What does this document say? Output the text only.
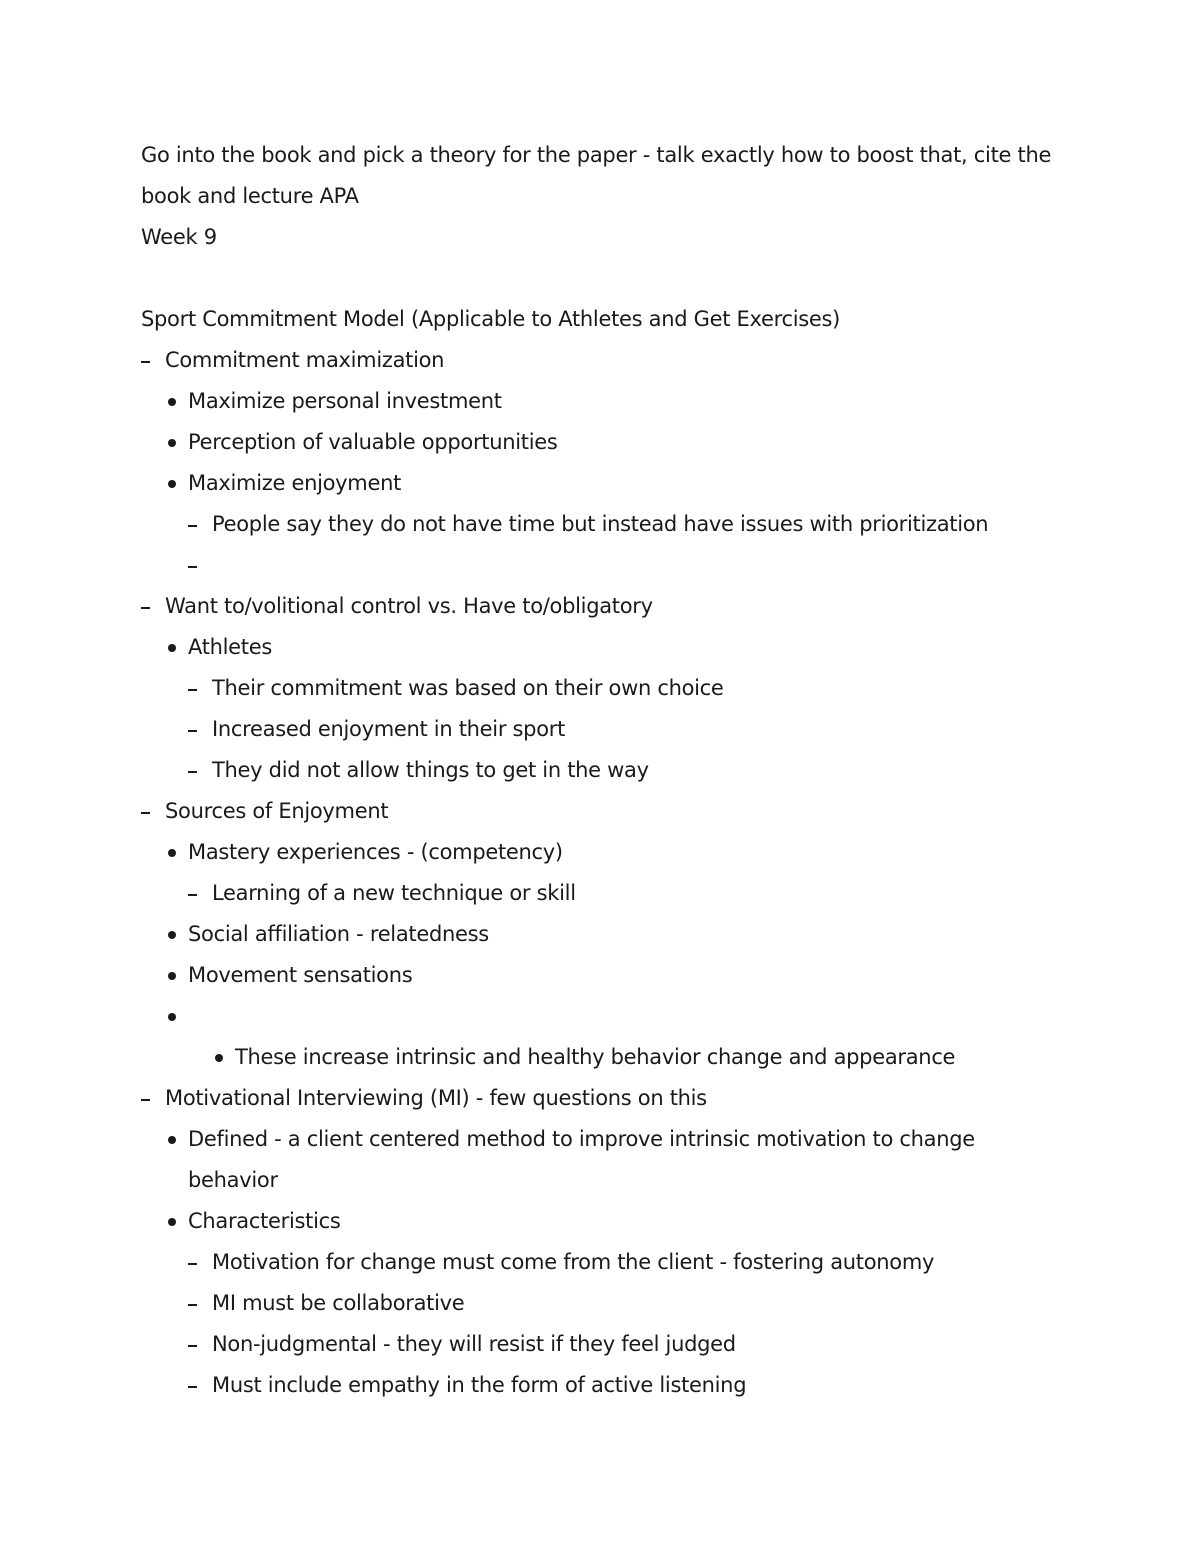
Go into the book and pick a theory for the paper - talk exactly how to boost that, cite the
book and lecture APA
Week 9
Sport Commitment Model (Applicable to Athletes and Get Exercises)
Commitment maximization
Maximize personal investment
Perception of valuable opportunities
Maximize enjoyment
People say they do not have time but instead have issues with prioritization
Want to/volitional control vs. Have to/obligatory
Athletes
Their commitment was based on their own choice
Increased enjoyment in their sport
They did not allow things to get in the way
Sources of Enjoyment
Mastery experiences - (competency)
Learning of a new technique or skill
Social affiliation - relatedness
Movement sensations
These increase intrinsic and healthy behavior change and appearance
Motivational Interviewing (MI) - few questions on this
Defined - a client centered method to improve intrinsic motivation to change
behavior
Characteristics
Motivation for change must come from the client - fostering autonomy
MI must be collaborative
Non-judgmental - they will resist if they feel judged
Must include empathy in the form of active listening
